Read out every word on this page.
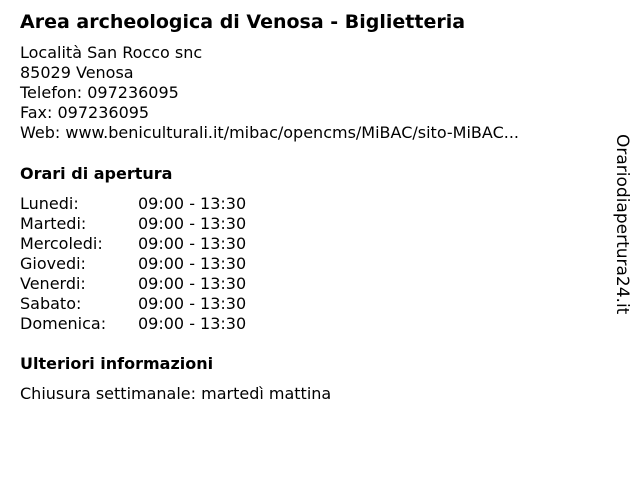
Area archeologica di Venosa - Biglietteria
Località San Rocco snc
85029 Venosa
Telefon: 097236095
Fax: 097236095
Web: www.beniculturali.it/mibac/opencms/MiBAC/sito-MiBAC...
Orari di apertura
Lunedi:	09:00 - 13:30
Martedi:	09:00 - 13:30
Mercoledi: 09:00 - 13:30
Giovedi:	09:00 - 13:30
Venerdi:	09:00 - 13:30
Sabato:	09:00 - 13:30
Domenica: 09:00 - 13:30
Ulteriori informazioni
Chiusura settimanale: martedì mattina
Orariodiapertura24.it
